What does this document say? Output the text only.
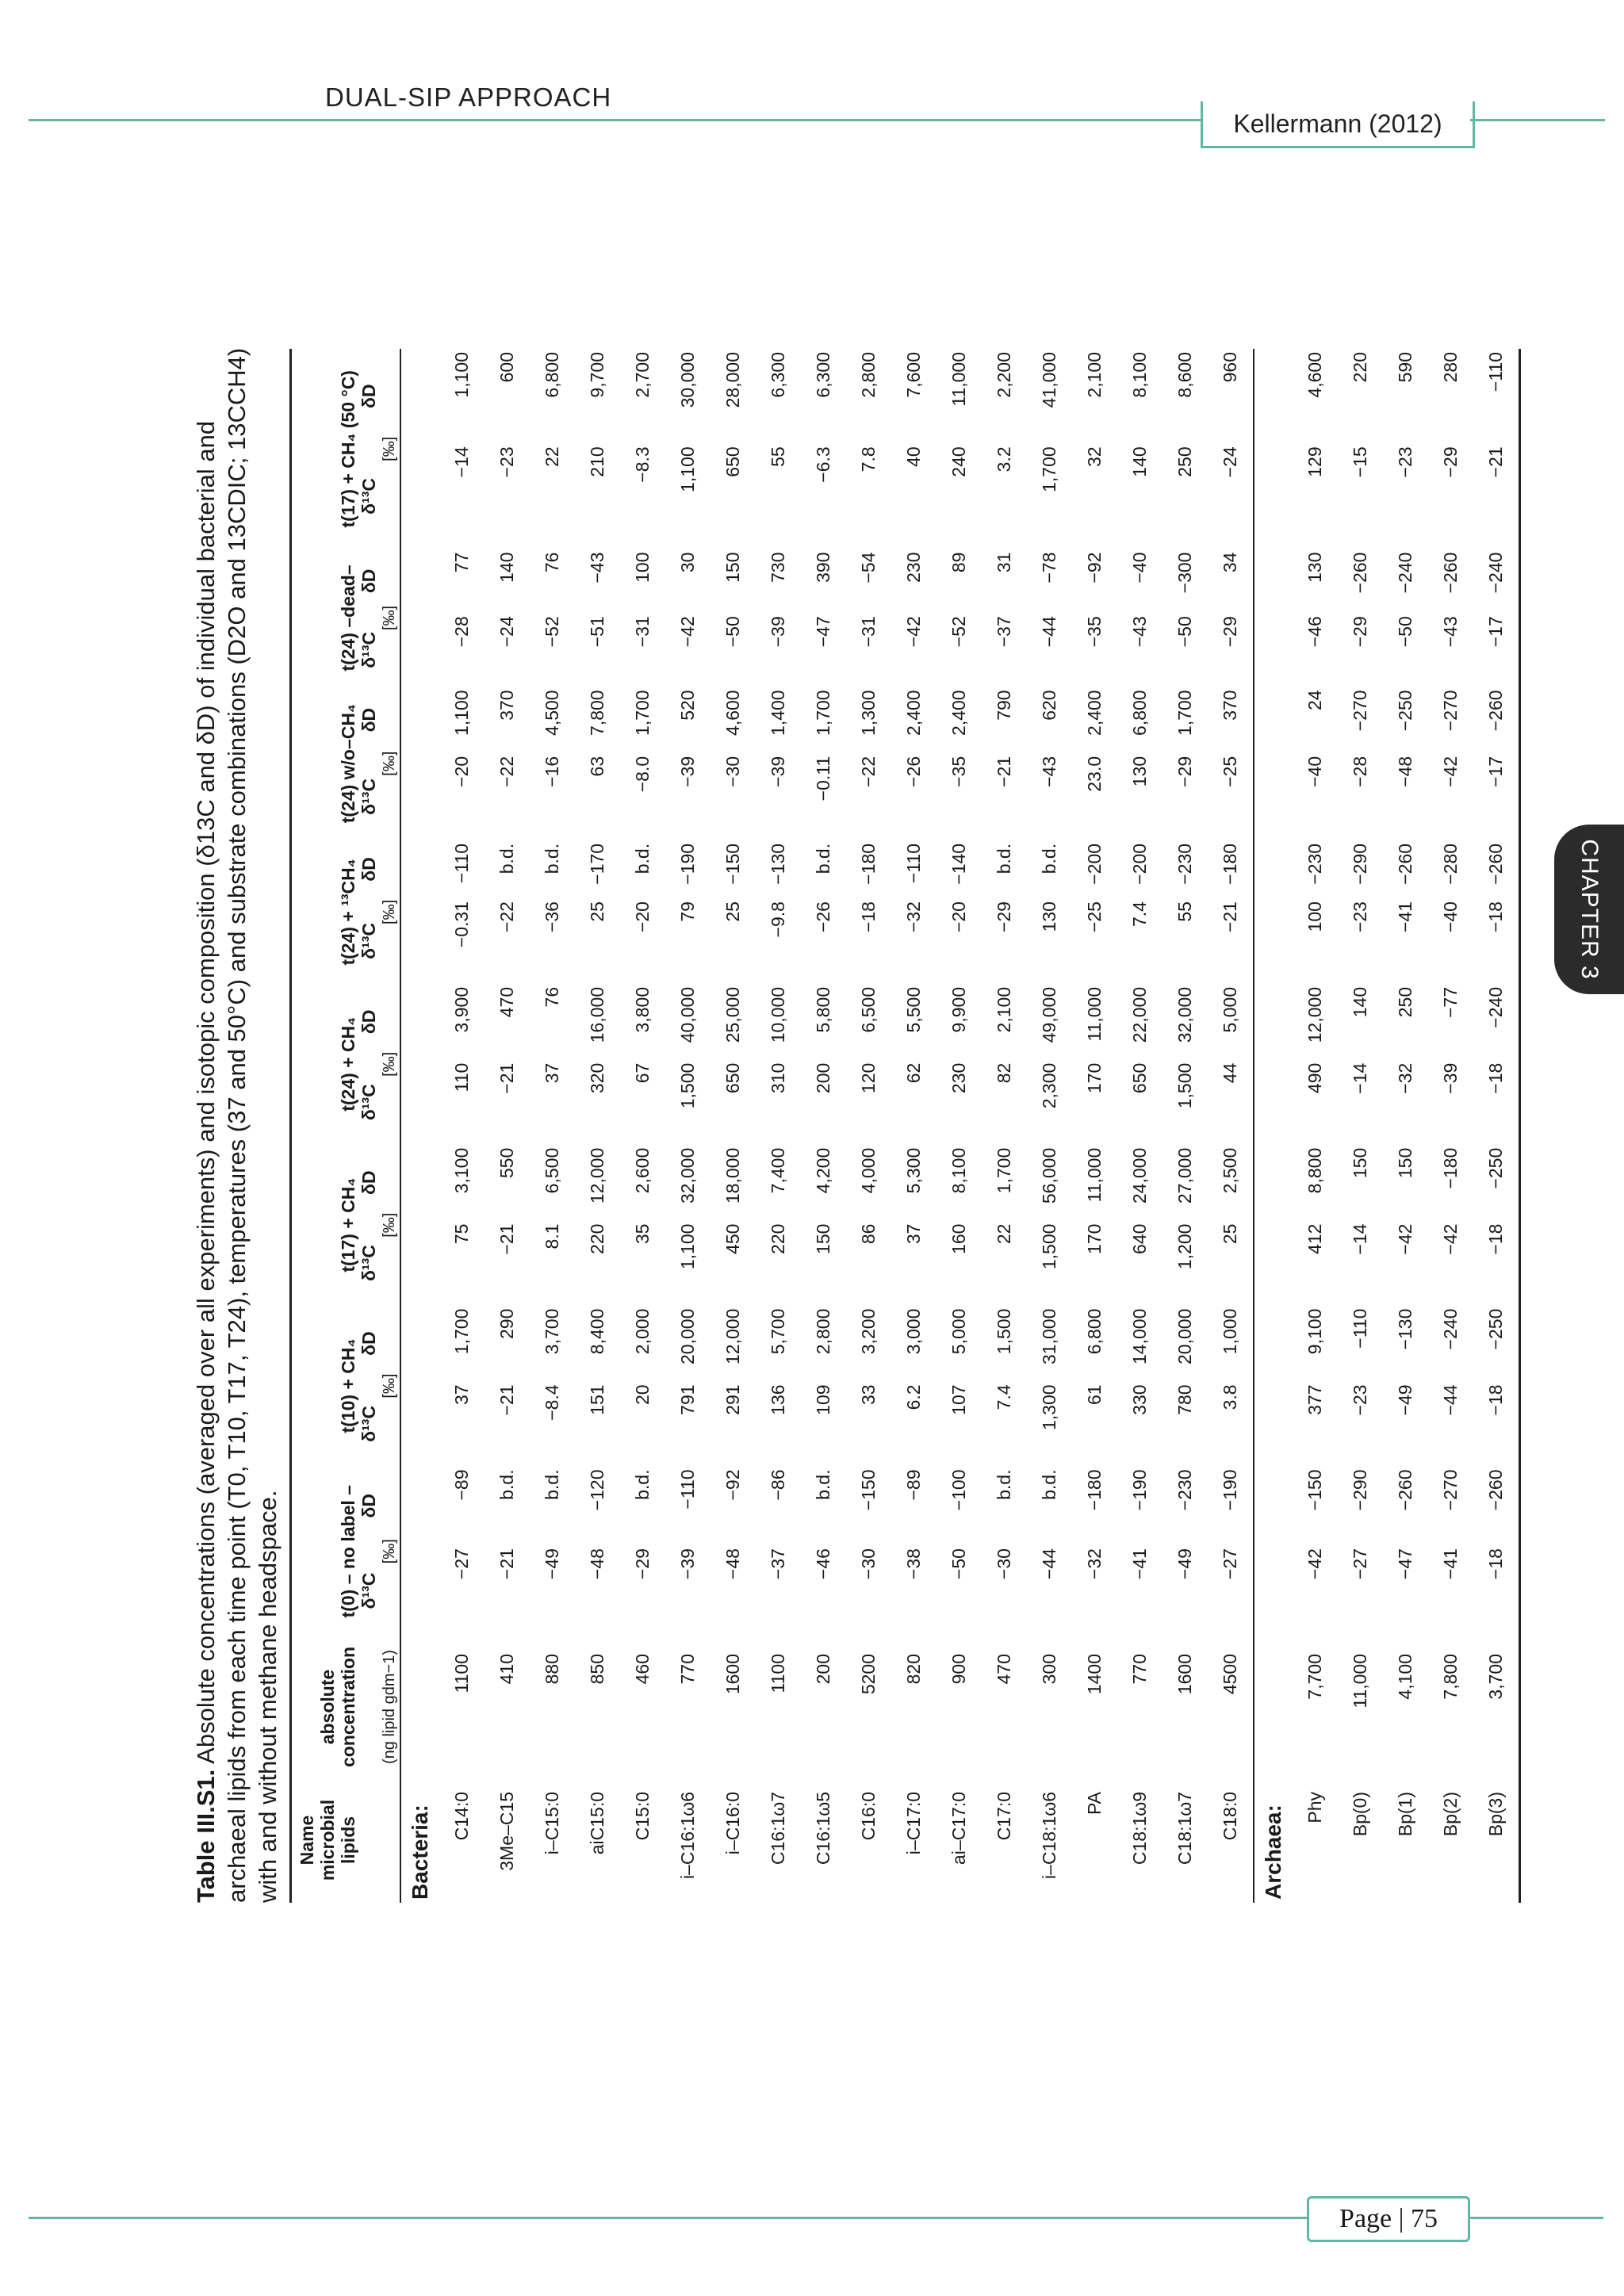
DUAL-SIP APPROACH
Kellermann (2012)
CHAPTER 3
Page | 75

Table III.S1. Absolute concentrations (averaged over all experiments) and isotopic composition (δ13C and δD) of individual bacterial and archaeal lipids from each time point (T0, T10, T17, T24), temperatures (37 and 50°C) and substrate combinations (D2O and 13CDIC; 13CCH4) with and without methane headspace. Name microbial lipids	absolute concentration	t(0) – no label –		t(10) + CH₄		t(17) + CH₄		t(24) + CH₄		t(24) + ¹³CH₄		t(24) w/o–CH₄		t(24) –dead–		t(17) + CH₄ (50 °C)	
		δ¹³C	δD	δ¹³C	δD	δ¹³C	δD	δ¹³C	δD	δ¹³C	δD	δ¹³C	δD	δ¹³C	δD	δ¹³C	δD
	(ng lipid gdm−1)	[‰]		[‰]		[‰]		[‰]		[‰]		[‰]		[‰]		[‰]	
Bacteria:																	
C14:0	1100	−27	−89	37	1,700	75	3,100	110	3,900	−0.31	−110	−20	1,100	−28	77	−14	1,100
3Me–C15	410	−21	b.d.	−21	290	−21	550	−21	470	−22	b.d.	−22	370	−24	140	−23	600
i–C15:0	880	−49	b.d.	−8.4	3,700	8.1	6,500	37	76	−36	b.d.	−16	4,500	−52	76	22	6,800
aiC15:0	850	−48	−120	151	8,400	220	12,000	320	16,000	25	−170	63	7,800	−51	−43	210	9,700
C15:0	460	−29	b.d.	20	2,000	35	2,600	67	3,800	−20	b.d.	−8.0	1,700	−31	100	−8.3	2,700
i–C16:1ω6	770	−39	−110	791	20,000	1,100	32,000	1,500	40,000	79	−190	−39	520	−42	30	1,100	30,000
i–C16:0	1600	−48	−92	291	12,000	450	18,000	650	25,000	25	−150	−30	4,600	−50	150	650	28,000
C16:1ω7	1100	−37	−86	136	5,700	220	7,400	310	10,000	−9.8	−130	−39	1,400	−39	730	55	6,300
C16:1ω5	200	−46	b.d.	109	2,800	150	4,200	200	5,800	−26	b.d.	−0.11	1,700	−47	390	−6.3	6,300
C16:0	5200	−30	−150	33	3,200	86	4,000	120	6,500	−18	−180	−22	1,300	−31	−54	7.8	2,800
i–C17:0	820	−38	−89	6.2	3,000	37	5,300	62	5,500	−32	−110	−26	2,400	−42	230	40	7,600
ai–C17:0	900	−50	−100	107	5,000	160	8,100	230	9,900	−20	−140	−35	2,400	−52	89	240	11,000
C17:0	470	−30	b.d.	7.4	1,500	22	1,700	82	2,100	−29	b.d.	−21	790	−37	31	3.2	2,200
i–C18:1ω6	300	−44	b.d.	1,300	31,000	1,500	56,000	2,300	49,000	130	b.d.	−43	620	−44	−78	1,700	41,000
PA	1400	−32	−180	61	6,800	170	11,000	170	11,000	−25	−200	23.0	2,400	−35	−92	32	2,100
C18:1ω9	770	−41	−190	330	14,000	640	24,000	650	22,000	7.4	−200	130	6,800	−43	−40	140	8,100
C18:1ω7	1600	−49	−230	780	20,000	1,200	27,000	1,500	32,000	55	−230	−29	1,700	−50	−300	250	8,600
C18:0	4500	−27	−190	3.8	1,000	25	2,500	44	5,000	−21	−180	−25	370	−29	34	−24	960
Archaea:																	
Phy	7,700	−42	−150	377	9,100	412	8,800	490	12,000	100	−230	−40	24	−46	130	129	4,600
Bp(0)	11,000	−27	−290	−23	−110	−14	150	−14	140	−23	−290	−28	−270	−29	−260	−15	220
Bp(1)	4,100	−47	−260	−49	−130	−42	150	−32	250	−41	−260	−48	−250	−50	−240	−23	590
Bp(2)	7,800	−41	−270	−44	−240	−42	−180	−39	−77	−40	−280	−42	−270	−43	−260	−29	280
Bp(3)	3,700	−18	−260	−18	−250	−18	−250	−18	−240	−18	−260	−17	−260	−17	−240	−21	−110
